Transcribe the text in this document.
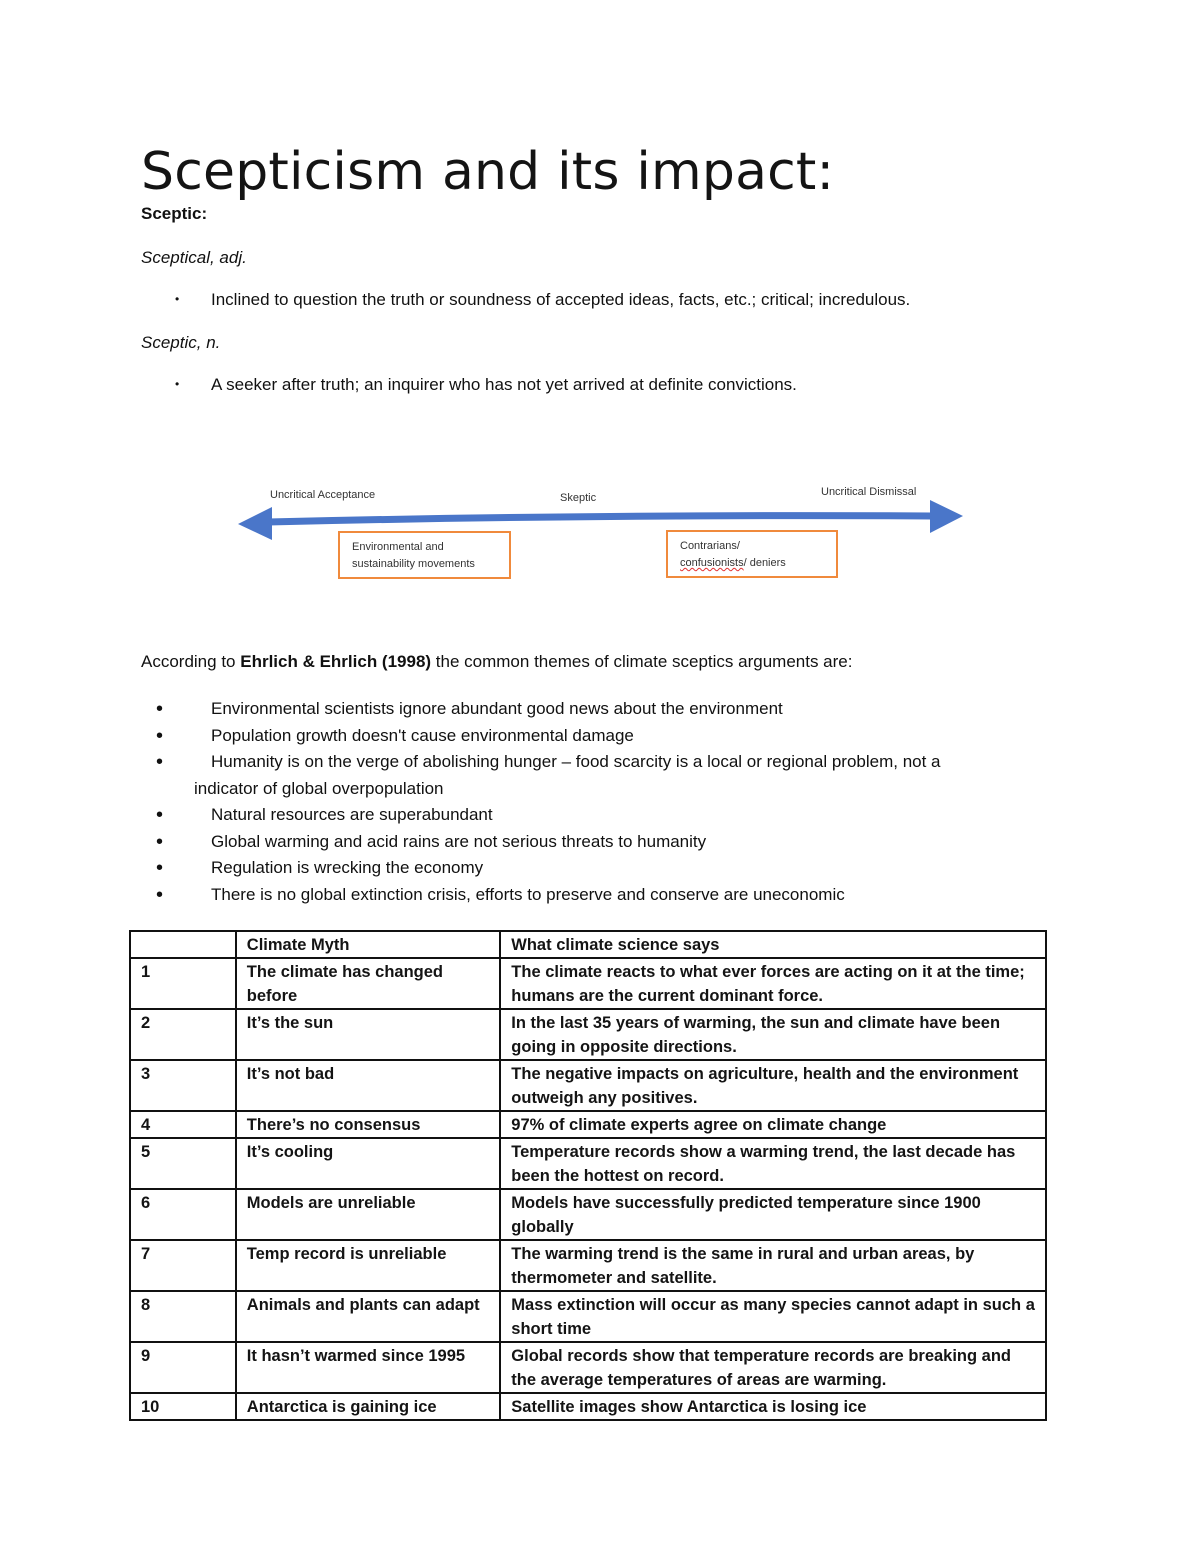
Scepticism and its impact:
Sceptic:
Sceptical, adj.
• Inclined to question the truth or soundness of accepted ideas, facts, etc.; critical; incredulous.
Sceptic, n.
• A seeker after truth; an inquirer who has not yet arrived at definite convictions.
Uncritical Acceptance	Skeptic	Uncritical Dismissal
Environmental and
sustainability movements
Contrarians/
confusionists/ deniers
According to Ehrlich & Ehrlich (1998) the common themes of climate sceptics arguments are:
•	Environmental scientists ignore abundant good news about the environment
•	Population growth doesn't cause environmental damage
•	Humanity is on the verge of abolishing hunger – food scarcity is a local or regional problem, not a
indicator of global overpopulation
•	Natural resources are superabundant
•	Global warming and acid rains are not serious threats to humanity
•	Regulation is wrecking the economy
•	There is no global extinction crisis, efforts to preserve and conserve are uneconomic
	Climate Myth	What climate science says
1	The climate has changed before	The climate reacts to what ever forces are acting on it at the time; humans are the current dominant force.
2	It’s the sun	In the last 35 years of warming, the sun and climate have been going in opposite directions.
3	It’s not bad	The negative impacts on agriculture, health and the environment outweigh any positives.
4	There’s no consensus	97% of climate experts agree on climate change
5	It’s cooling	Temperature records show a warming trend, the last decade has been the hottest on record.
6	Models are unreliable	Models have successfully predicted temperature since 1900 globally
7	Temp record is unreliable	The warming trend is the same in rural and urban areas, by thermometer and satellite.
8	Animals and plants can adapt	Mass extinction will occur as many species cannot adapt in such a short time
9	It hasn’t warmed since 1995	Global records show that temperature records are breaking and the average temperatures of areas are warming.
10	Antarctica is gaining ice	Satellite images show Antarctica is losing ice
